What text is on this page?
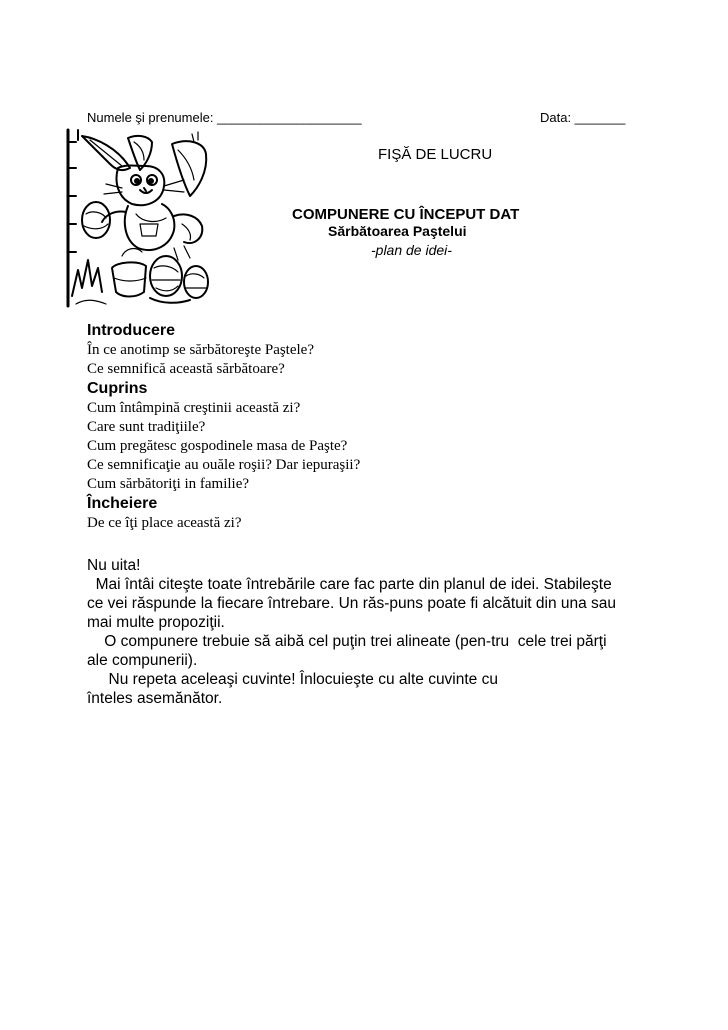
Numele şi prenumele: ____________________	Data: _______
FIŞĂ DE LUCRU
COMPUNERE CU ÎNCEPUT DAT
Sărbătoarea Paştelui
-plan de idei-
Introducere
În ce anotimp se sărbătoreşte Paştele?
Ce semnifică această sărbătoare?
Cuprins
Cum întâmpină creştinii această zi?
Care sunt tradiţiile?
Cum pregătesc gospodinele masa de Paşte?
Ce semnificaţie au ouăle roşii? Dar iepuraşii?
Cum sărbătoriţi in familie?
Încheiere
De ce îţi place această zi?
Nu uita!
Mai întâi citeşte toate întrebările care fac parte din planul de idei. Stabileşte
ce vei răspunde la fiecare întrebare. Un răs-puns poate fi alcătuit din una sau
mai multe propoziţii.
O compunere trebuie să aibă cel puţin trei alineate (pen-tru  cele trei părţi
ale compunerii).
Nu repeta aceleaşi cuvinte! Înlocuieşte cu alte cuvinte cu
înteles asemănător.
